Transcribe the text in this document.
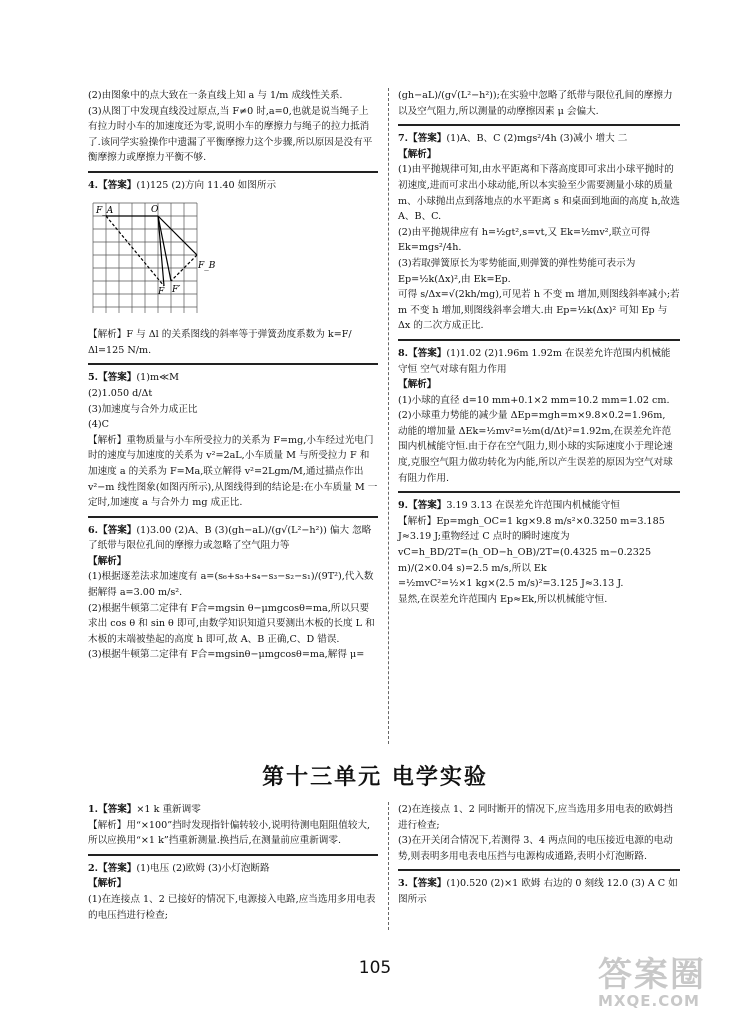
(2)由图象中的点大致在一条直线上知 a 与 1/m 成线性关系.

(3)从图丁中发现直线没过原点,当 F≠0 时,a=0,也就是说当绳子上有拉力时小车的加速度还为零,说明小车的摩擦力与绳子的拉力抵消了.该同学实验操作中遗漏了平衡摩擦力这个步骤,所以原因是没有平衡摩擦力或摩擦力平衡不够.

4.【答案】(1)125 (2)方向 11.40 如图所示

F_A	O
F_B
F F′

【解析】F 与 Δl 的关系图线的斜率等于弹簧劲度系数为 k=F/Δl=125 N/m.

5.【答案】(1)m≪M

(2)1.050 d/Δt

(3)加速度与合外力成正比

(4)C

【解析】重物质量与小车所受拉力的关系为 F=mg,小车经过光电门时的速度与加速度的关系为 v²=2aL,小车质量 M 与所受拉力 F 和加速度 a 的关系为 F=Ma,联立解得 v²=2Lgm/M,通过描点作出 v²−m 线性图象(如图丙所示),从图线得到的结论是:在小车质量 M 一定时,加速度 a 与合外力 mg 成正比.

6.【答案】(1)3.00 (2)A、B (3)(gh−aL)/(g√(L²−h²)) 偏大 忽略了纸带与限位孔间的摩擦力或忽略了空气阻力等

【解析】

(1)根据逐差法求加速度有 a=(s₆+s₅+s₄−s₃−s₂−s₁)/(9T²),代入数据解得 a=3.00 m/s².

(2)根据牛顿第二定律有 F合=mgsin θ−μmgcosθ=ma,所以只要求出 cos θ 和 sin θ 即可,由数学知识知道只要测出木板的长度 L 和木板的末端被垫起的高度 h 即可,故 A、B 正确,C、D 错误.

(3)根据牛顿第二定律有 F合=mgsinθ−μmgcosθ=ma,解得 μ=

(gh−aL)/(g√(L²−h²));在实验中忽略了纸带与限位孔间的摩擦力以及空气阻力,所以测量的动摩擦因素 μ 会偏大.

7.【答案】(1)A、B、C (2)mgs²/4h (3)减小 增大 二

【解析】

(1)由平抛规律可知,由水平距离和下落高度即可求出小球平抛时的初速度,进而可求出小球动能,所以本实验至少需要测量小球的质量 m、小球抛出点到落地点的水平距离 s 和桌面到地面的高度 h,故选 A、B、C.

(2)由平抛规律应有 h=½gt²,s=vt,又 Ek=½mv²,联立可得 Ek=mgs²/4h.

(3)若取弹簧原长为零势能面,则弹簧的弹性势能可表示为 Ep=½k(Δx)²,由 Ek=Ep.

可得 s/Δx=√(2kh/mg),可见若 h 不变 m 增加,则图线斜率减小;若 m 不变 h 增加,则图线斜率会增大.由 Ep=½k(Δx)² 可知 Ep 与 Δx 的二次方成正比.

8.【答案】(1)1.02 (2)1.96m 1.92m 在误差允许范围内机械能守恒 空气对球有阻力作用

【解析】

(1)小球的直径 d=10 mm+0.1×2 mm=10.2 mm=1.02 cm.

(2)小球重力势能的减少量 ΔEp=mgh=m×9.8×0.2=1.96m,

动能的增加量 ΔEk=½mv²=½m(d/Δt)²=1.92m,在误差允许范围内机械能守恒.由于存在空气阻力,则小球的实际速度小于理论速度,克服空气阻力做功转化为内能,所以产生误差的原因为空气对球有阻力作用.

9.【答案】3.19 3.13 在误差允许范围内机械能守恒

【解析】Ep=mgh_OC=1 kg×9.8 m/s²×0.3250 m=3.185 J≈3.19 J;重物经过 C 点时的瞬时速度为

vC=h_BD/2T=(h_OD−h_OB)/2T=(0.4325 m−0.2325 m)/(2×0.04 s)=2.5 m/s,所以 Ek

=½mvC²=½×1 kg×(2.5 m/s)²=3.125 J≈3.13 J.

显然,在误差允许范围内 Ep≈Ek,所以机械能守恒.

第十三单元 电学实验

1.【答案】×1 k 重新调零

【解析】用“×100”挡时发现指针偏转较小,说明待测电阻阻值较大,所以应换用“×1 k”挡重新测量.换挡后,在测量前应重新调零.

2.【答案】(1)电压 (2)欧姆 (3)小灯泡断路

【解析】

(1)在连接点 1、2 已接好的情况下,电源接入电路,应当选用多用电表的电压挡进行检查;

(2)在连接点 1、2 同时断开的情况下,应当选用多用电表的欧姆挡进行检查;

(3)在开关闭合情况下,若测得 3、4 两点间的电压接近电源的电动势,则表明多用电表电压挡与电源构成通路,表明小灯泡断路.

3.【答案】(1)0.520 (2)×1 欧姆 右边的 0 刻线 12.0 (3) A C 如图所示

105	答案圈
MXQE.COM
